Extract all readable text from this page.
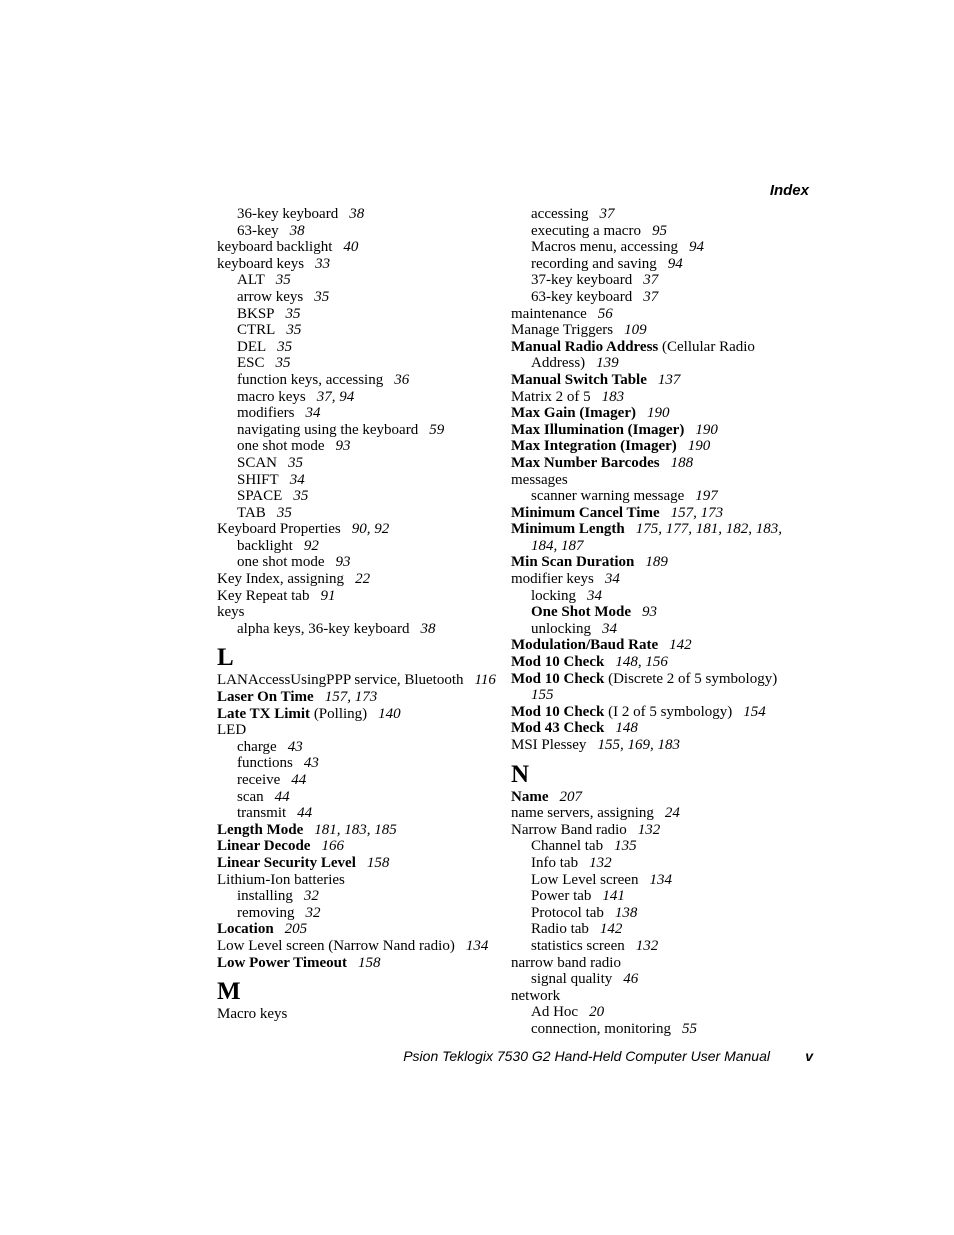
Index
36-key keyboard 38
63-key 38
keyboard backlight 40
keyboard keys 33
ALT 35
arrow keys 35
BKSP 35
CTRL 35
DEL 35
ESC 35
function keys, accessing 36
macro keys 37, 94
modifiers 34
navigating using the keyboard 59
one shot mode 93
SCAN 35
SHIFT 34
SPACE 35
TAB 35
Keyboard Properties 90, 92
backlight 92
one shot mode 93
Key Index, assigning 22
Key Repeat tab 91
keys
alpha keys, 36-key keyboard 38
L
LANAccessUsingPPP service, Bluetooth 116
Laser On Time 157, 173
Late TX Limit (Polling) 140
LED
charge 43
functions 43
receive 44
scan 44
transmit 44
Length Mode 181, 183, 185
Linear Decode 166
Linear Security Level 158
Lithium-Ion batteries
installing 32
removing 32
Location 205
Low Level screen (Narrow Nand radio) 134
Low Power Timeout 158
M
Macro keys
accessing 37
executing a macro 95
Macros menu, accessing 94
recording and saving 94
37-key keyboard 37
63-key keyboard 37
maintenance 56
Manage Triggers 109
Manual Radio Address (Cellular Radio Address) 139
Manual Switch Table 137
Matrix 2 of 5 183
Max Gain (Imager) 190
Max Illumination (Imager) 190
Max Integration (Imager) 190
Max Number Barcodes 188
messages
scanner warning message 197
Minimum Cancel Time 157, 173
Minimum Length 175, 177, 181, 182, 183, 184, 187
Min Scan Duration 189
modifier keys 34
locking 34
One Shot Mode 93
unlocking 34
Modulation/Baud Rate 142
Mod 10 Check 148, 156
Mod 10 Check (Discrete 2 of 5 symbology)155
Mod 10 Check (I 2 of 5 symbology) 154
Mod 43 Check 148
MSI Plessey 155, 169, 183
N
Name 207
name servers, assigning 24
Narrow Band radio 132
Channel tab 135
Info tab 132
Low Level screen 134
Power tab 141
Protocol tab 138
Radio tab 142
statistics screen 132
narrow band radio
signal quality 46
network
Ad Hoc 20
connection, monitoring 55
Psion Teklogix 7530 G2 Hand-Held Computer User Manual	v
